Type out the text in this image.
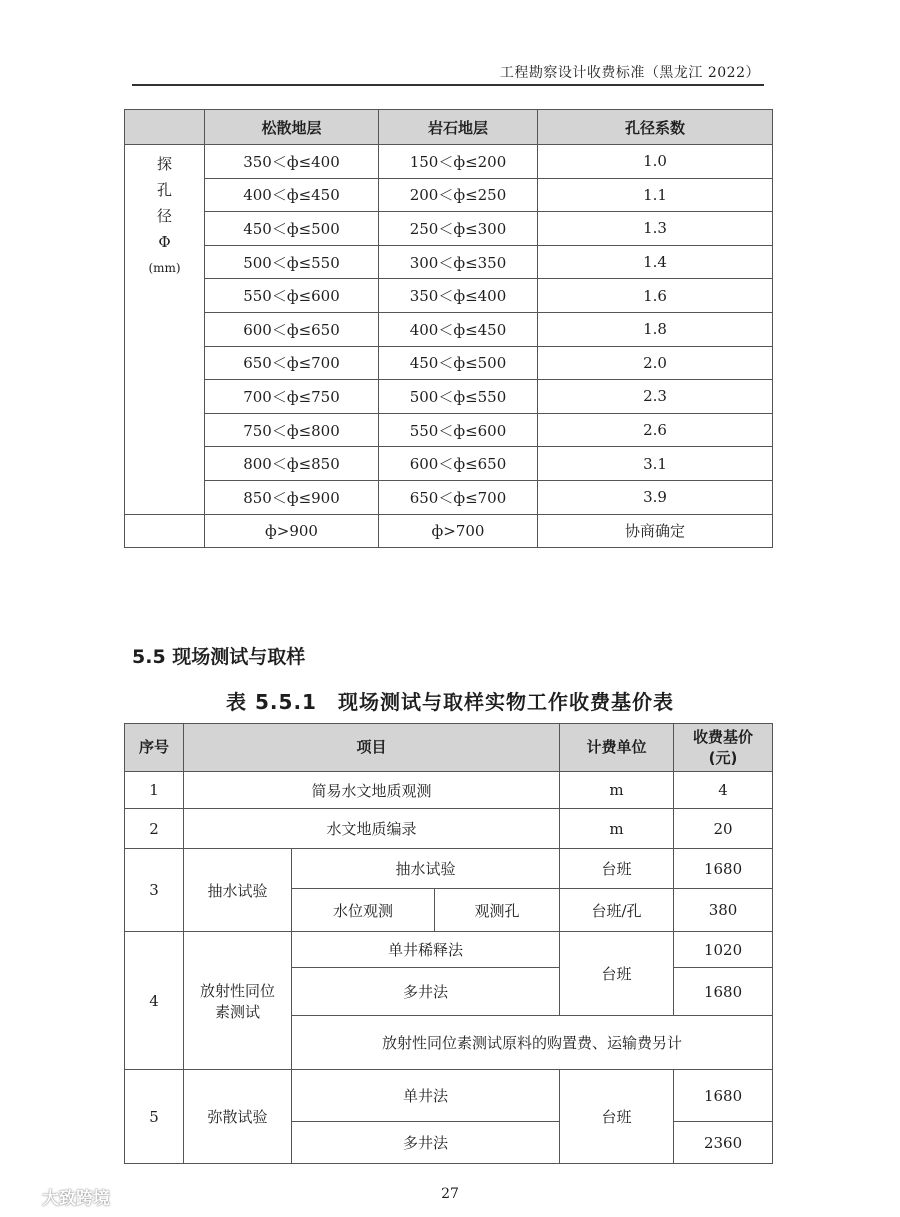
工程勘察设计收费标准（黑龙江 2022）
	松散地层	岩石地层	孔径系数

探
孔
径
Φ
(mm)	350＜ф≤400	150＜ф≤200	1.0
	400＜ф≤450	200＜ф≤250	1.1
	450＜ф≤500	250＜ф≤300	1.3
	500＜ф≤550	300＜ф≤350	1.4
	550＜ф≤600	350＜ф≤400	1.6
	600＜ф≤650	400＜ф≤450	1.8
	650＜ф≤700	450＜ф≤500	2.0
	700＜ф≤750	500＜ф≤550	2.3
	750＜ф≤800	550＜ф≤600	2.6
	800＜ф≤850	600＜ф≤650	3.1
	850＜ф≤900	650＜ф≤700	3.9
	ф>900	ф>700	协商确定
5.5 现场测试与取样
表 5.5.1　现场测试与取样实物工作收费基价表
序号	项目			计费单位	收费基价
(元)
1	简易水文地质观测			m	4
2	水文地质编录			m	20
3	抽水试验	抽水试验		台班	1680
		水位观测	观测孔	台班/孔	380
4	放射性同位
素测试	单井稀释法		台班	1020
		多井法			1680
		放射性同位素测试原料的购置费、运输费另计			
5	弥散试验	单井法		台班	1680
		多井法			2360
27
大致跨境
